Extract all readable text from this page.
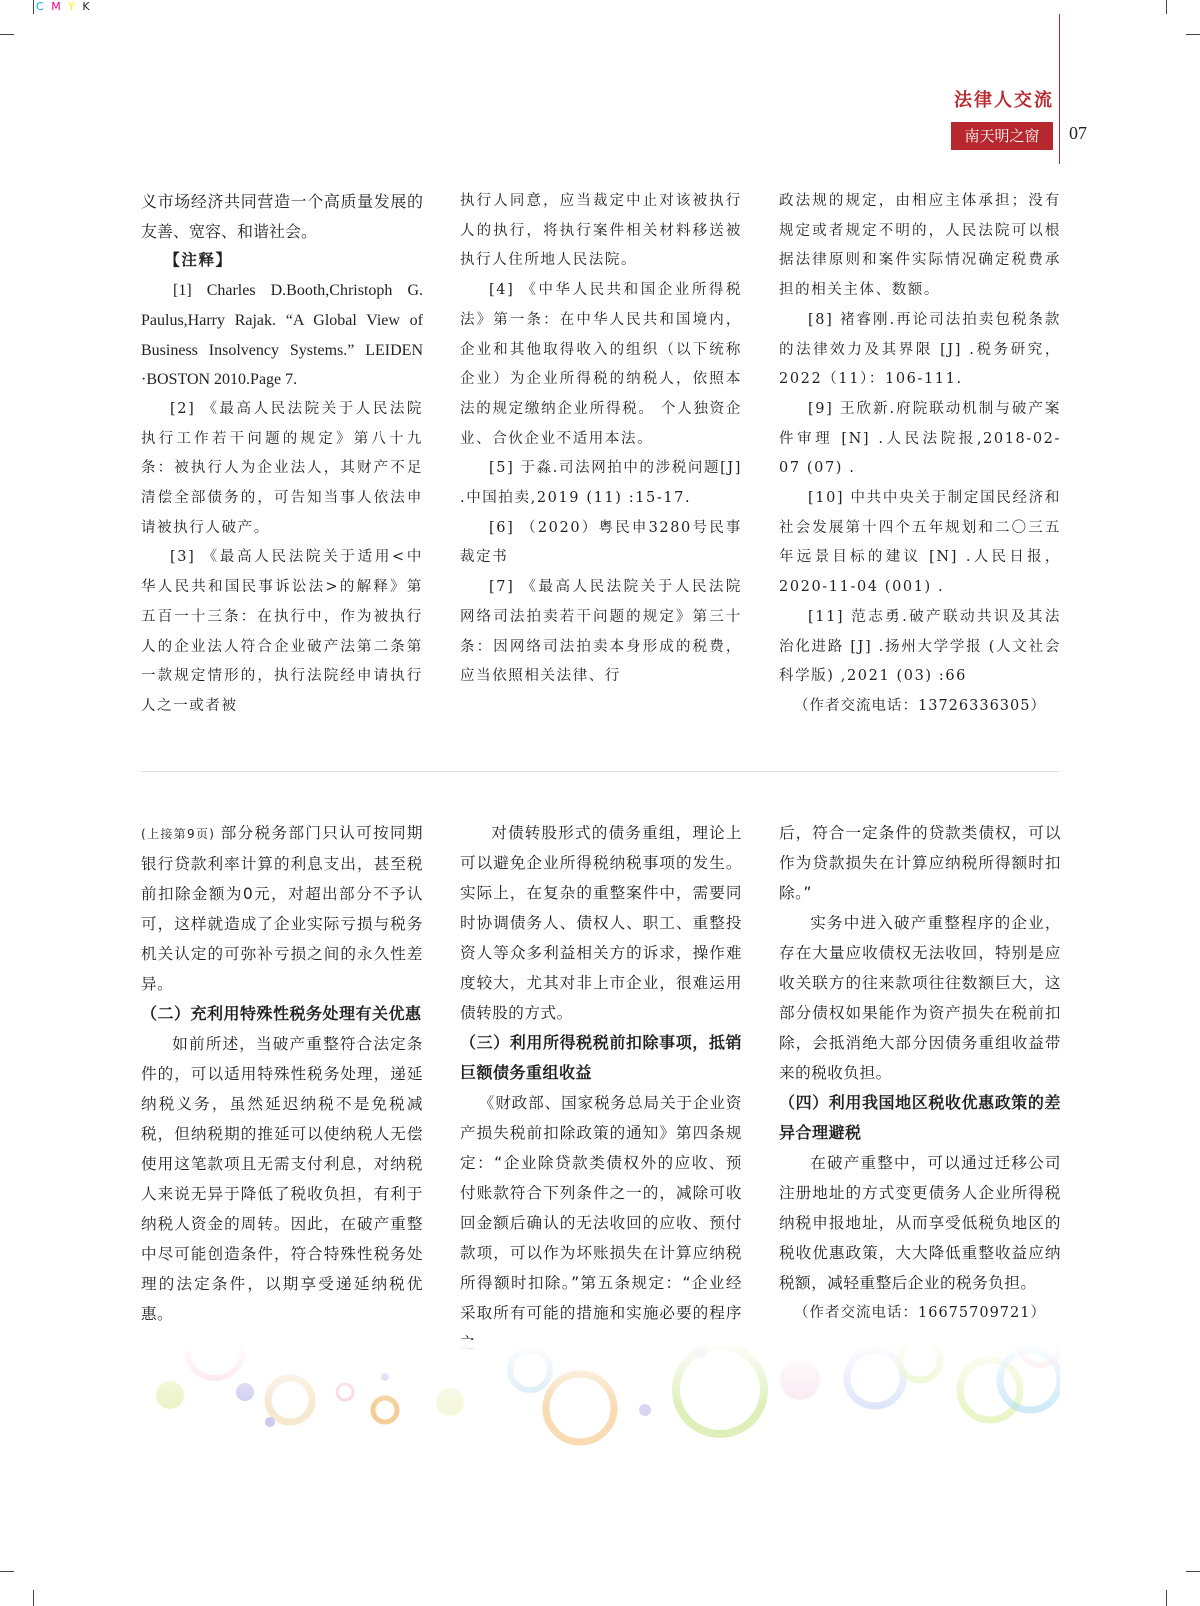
C M Y K
法律人交流
南天明之窗	07

义市场经济共同营造一个高质量发展的友善、宽容、和谐社会。

【注释】

[1] Charles D.Booth,Christoph G. Paulus,Harry Rajak. “A Global View of Business Insolvency Systems.” LEIDEN ·BOSTON 2010.Page 7.

[2] 《最高人民法院关于人民法院执行工作若干问题的规定》第八十九条：被执行人为企业法人，其财产不足清偿全部债务的，可告知当事人依法申请被执行人破产。

[3] 《最高人民法院关于适用<中华人民共和国民事诉讼法>的解释》第五百一十三条：在执行中，作为被执行人的企业法人符合企业破产法第二条第一款规定情形的，执行法院经申请执行人之一或者被

执行人同意，应当裁定中止对该被执行人的执行，将执行案件相关材料移送被执行人住所地人民法院。

[4] 《中华人民共和国企业所得税法》第一条：在中华人民共和国境内，企业和其他取得收入的组织（以下统称企业）为企业所得税的纳税人，依照本法的规定缴纳企业所得税。 个人独资企业、合伙企业不适用本法。

[5] 于淼.司法网拍中的涉税问题[J] .中国拍卖,2019 (11) :15-17.

[6] （2020）粤民申3280号民事裁定书

[7] 《最高人民法院关于人民法院网络司法拍卖若干问题的规定》第三十条：因网络司法拍卖本身形成的税费，应当依照相关法律、行

政法规的规定，由相应主体承担；没有规定或者规定不明的，人民法院可以根据法律原则和案件实际情况确定税费承担的相关主体、数额。

[8] 褚睿刚.再论司法拍卖包税条款的法律效力及其界限 [J] .税务研究，2022（11）：106-111.

[9] 王欣新.府院联动机制与破产案件审理 [N] .人民法院报,2018-02-07 (07) .

[10] 中共中央关于制定国民经济和社会发展第十四个五年规划和二〇三五年远景目标的建议 [N] .人民日报，2020-11-04 (001) .

[11] 范志勇.破产联动共识及其法治化进路 [J] .扬州大学学报 (人文社会科学版) ,2021 (03) :66

（作者交流电话：13726336305）

(上接第9页) 部分税务部门只认可按同期银行贷款利率计算的利息支出，甚至税前扣除金额为0元，对超出部分不予认可，这样就造成了企业实际亏损与税务机关认定的可弥补亏损之间的永久性差异。

（二）充利用特殊性税务处理有关优惠

如前所述，当破产重整符合法定条件的，可以适用特殊性税务处理，递延纳税义务，虽然延迟纳税不是免税减税，但纳税期的推延可以使纳税人无偿使用这笔款项且无需支付利息，对纳税人来说无异于降低了税收负担，有利于纳税人资金的周转。因此，在破产重整中尽可能创造条件，符合特殊性税务处理的法定条件，以期享受递延纳税优惠。

对债转股形式的债务重组，理论上可以避免企业所得税纳税事项的发生。实际上，在复杂的重整案件中，需要同时协调债务人、债权人、职工、重整投资人等众多利益相关方的诉求，操作难度较大，尤其对非上市企业，很难运用债转股的方式。

（三）利用所得税税前扣除事项，抵销巨额债务重组收益

《财政部、国家税务总局关于企业资产损失税前扣除政策的通知》第四条规定：“企业除贷款类债权外的应收、预付账款符合下列条件之一的，减除可收回金额后确认的无法收回的应收、预付款项，可以作为坏账损失在计算应纳税所得额时扣除。”第五条规定：“企业经采取所有可能的措施和实施必要的程序

后，符合一定条件的贷款类债权，可以作为贷款损失在计算应纳税所得额时扣除。”

实务中进入破产重整程序的企业，存在大量应收债权无法收回，特别是应收关联方的往来款项往往数额巨大，这部分债权如果能作为资产损失在税前扣除，会抵消绝大部分因债务重组收益带来的税收负担。

（四）利用我国地区税收优惠政策的差异合理避税

在破产重整中，可以通过迁移公司注册地址的方式变更债务人企业所得税纳税申报地址，从而享受低税负地区的税收优惠政策，大大降低重整收益应纳税额，减轻重整后企业的税务负担。

（作者交流电话：16675709721）
